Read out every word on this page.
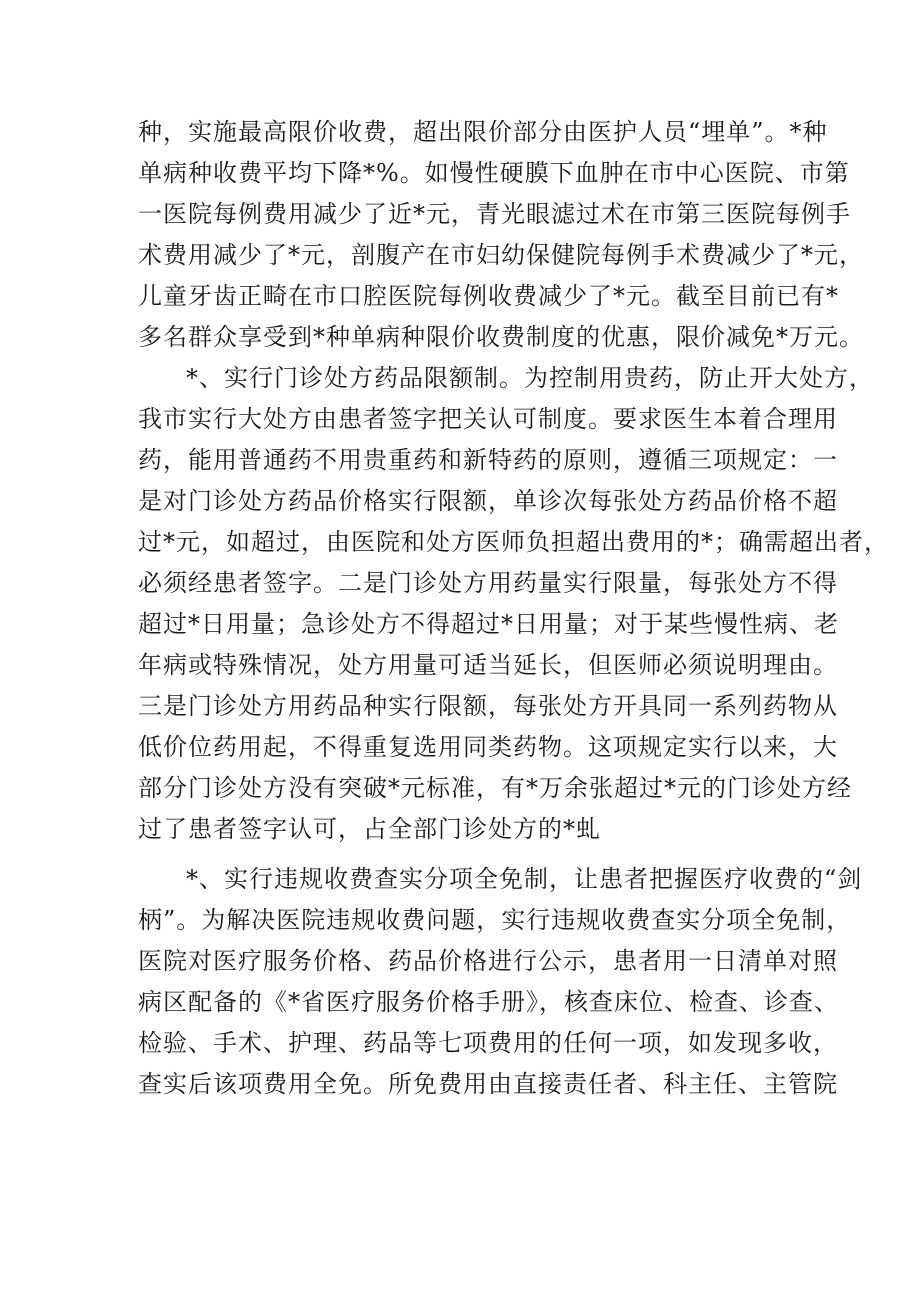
种，实施最高限价收费，超出限价部分由医护人员“埋单”。*种
单病种收费平均下降*%。如慢性硬膜下血肿在市中心医院、市第
一医院每例费用减少了近*元，青光眼滤过术在市第三医院每例手
术费用减少了*元，剖腹产在市妇幼保健院每例手术费减少了*元，
儿童牙齿正畸在市口腔医院每例收费减少了*元。截至目前已有*
多名群众享受到*种单病种限价收费制度的优惠，限价减免*万元。
*、实行门诊处方药品限额制。为控制用贵药，防止开大处方，
我市实行大处方由患者签字把关认可制度。要求医生本着合理用
药，能用普通药不用贵重药和新特药的原则，遵循三项规定：一
是对门诊处方药品价格实行限额，单诊次每张处方药品价格不超
过*元，如超过，由医院和处方医师负担超出费用的*；确需超出者，
必须经患者签字。二是门诊处方用药量实行限量，每张处方不得
超过*日用量；急诊处方不得超过*日用量；对于某些慢性病、老
年病或特殊情况，处方用量可适当延长，但医师必须说明理由。
三是门诊处方用药品种实行限额，每张处方开具同一系列药物从
低价位药用起，不得重复选用同类药物。这项规定实行以来，大
部分门诊处方没有突破*元标准，有*万余张超过*元的门诊处方经
过了患者签字认可，占全部门诊处方的*虬
*、实行违规收费查实分项全免制，让患者把握医疗收费的“剑
柄”。为解决医院违规收费问题，实行违规收费查实分项全免制，
医院对医疗服务价格、药品价格进行公示，患者用一日清单对照
病区配备的《*省医疗服务价格手册》，核查床位、检查、诊查、
检验、手术、护理、药品等七项费用的任何一项，如发现多收，
查实后该项费用全免。所免费用由直接责任者、科主任、主管院
